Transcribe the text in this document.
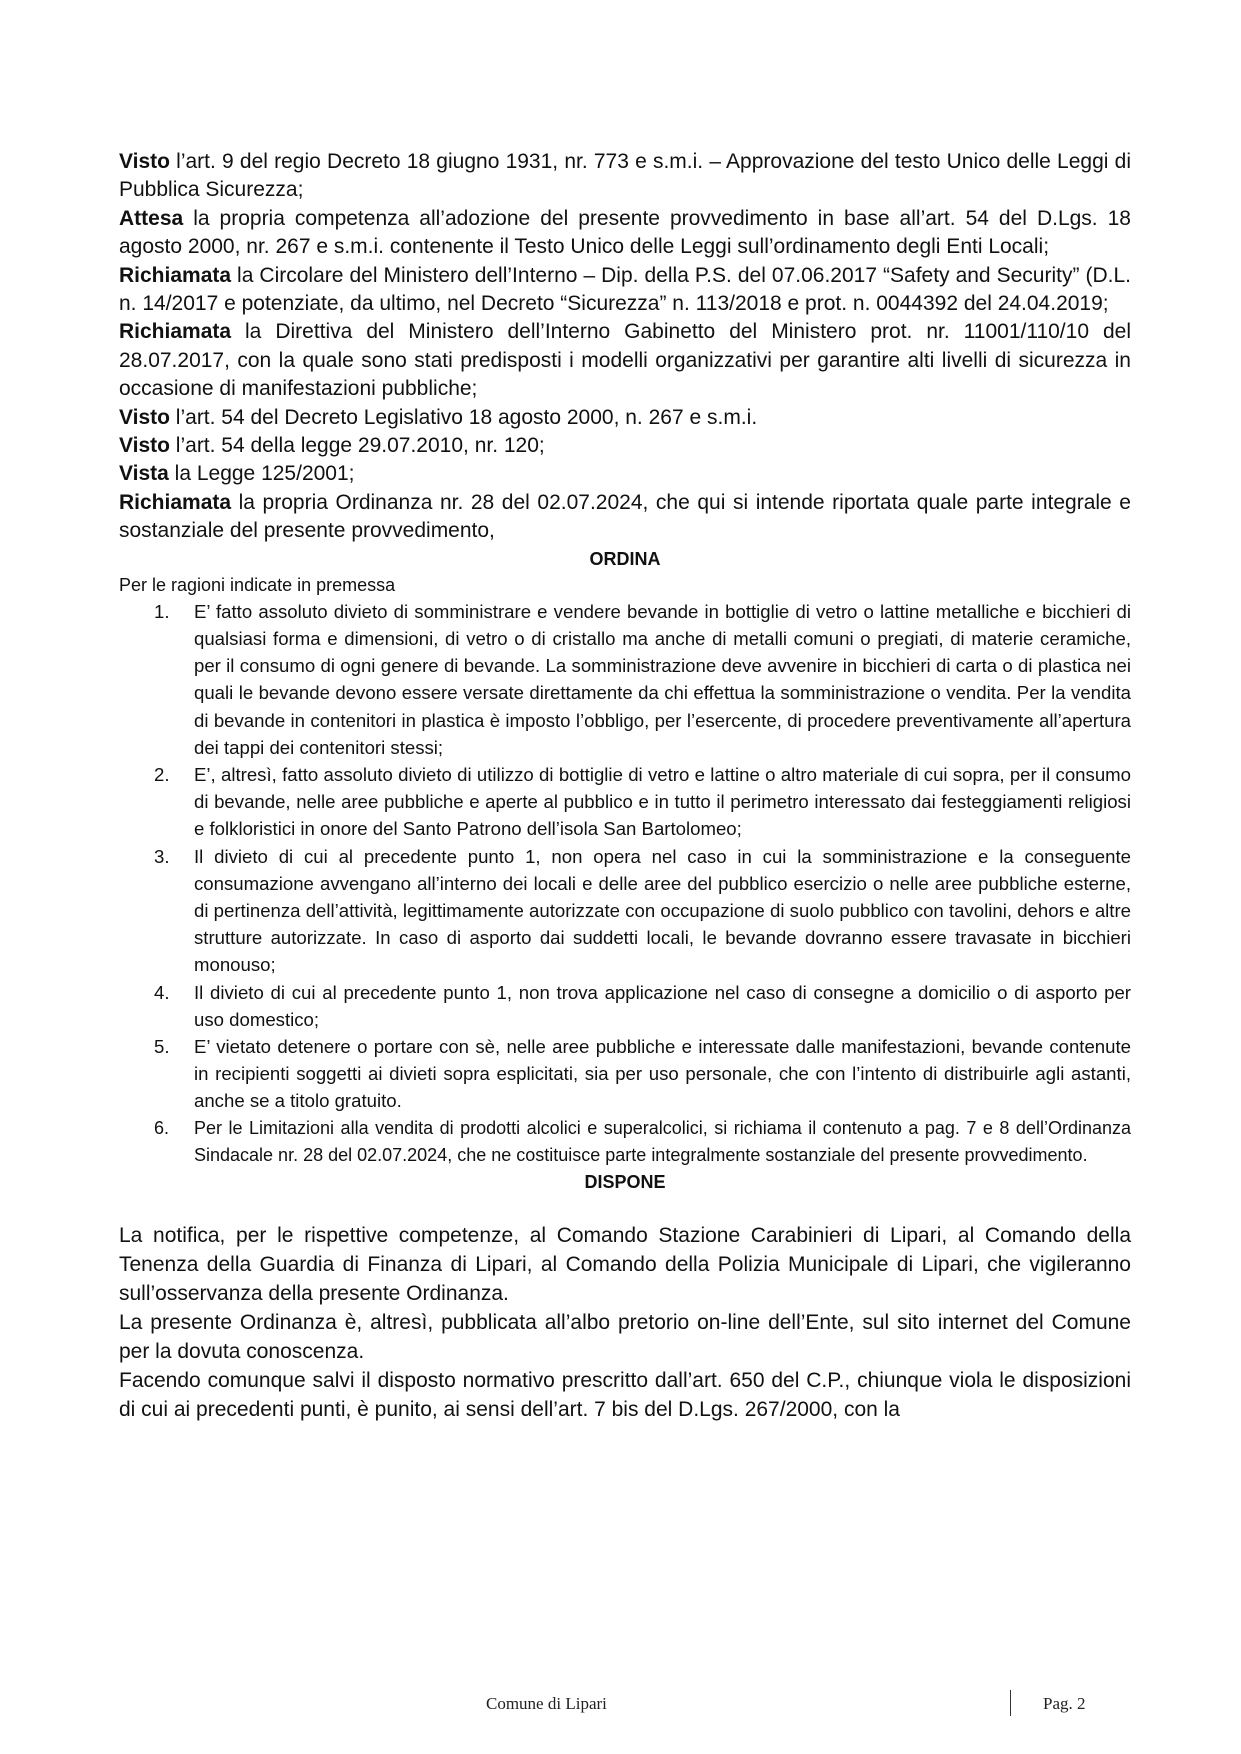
Visto l’art. 9 del regio Decreto 18 giugno 1931, nr. 773 e s.m.i. – Approvazione del testo Unico delle Leggi di Pubblica Sicurezza;

Attesa la propria competenza all’adozione del presente provvedimento in base all’art. 54 del D.Lgs. 18 agosto 2000, nr. 267 e s.m.i. contenente il Testo Unico delle Leggi sull’ordinamento degli Enti Locali;

Richiamata la Circolare del Ministero dell’Interno – Dip. della P.S. del 07.06.2017 “Safety and Security” (D.L. n. 14/2017 e potenziate, da ultimo, nel Decreto “Sicurezza” n. 113/2018 e prot. n. 0044392 del 24.04.2019;

Richiamata la Direttiva del Ministero dell’Interno Gabinetto del Ministero prot. nr. 11001/110/10 del 28.07.2017, con la quale sono stati predisposti i modelli organizzativi per garantire alti livelli di sicurezza in occasione di manifestazioni pubbliche;

Visto l’art. 54 del Decreto Legislativo 18 agosto 2000, n. 267 e s.m.i.

Visto l’art. 54 della legge 29.07.2010, nr. 120;

Vista la Legge 125/2001;

Richiamata la propria Ordinanza nr. 28 del 02.07.2024, che qui si intende riportata quale parte integrale e sostanziale del presente provvedimento,

ORDINA

Per le ragioni indicate in premessa

1. E’ fatto assoluto divieto di somministrare e vendere bevande in bottiglie di vetro o lattine metalliche e bicchieri di qualsiasi forma e dimensioni, di vetro o di cristallo ma anche di metalli comuni o pregiati, di materie ceramiche, per il consumo di ogni genere di bevande. La somministrazione deve avvenire in bicchieri di carta o di plastica nei quali le bevande devono essere versate direttamente da chi effettua la somministrazione o vendita. Per la vendita di bevande in contenitori in plastica è imposto l’obbligo, per l’esercente, di procedere preventivamente all’apertura dei tappi dei contenitori stessi;
2. E’, altresì, fatto assoluto divieto di utilizzo di bottiglie di vetro e lattine o altro materiale di cui sopra, per il consumo di bevande, nelle aree pubbliche e aperte al pubblico e in tutto il perimetro interessato dai festeggiamenti religiosi e folkloristici in onore del Santo Patrono dell’isola San Bartolomeo;
3. Il divieto di cui al precedente punto 1, non opera nel caso in cui la somministrazione e la conseguente consumazione avvengano all’interno dei locali e delle aree del pubblico esercizio o nelle aree pubbliche esterne, di pertinenza dell’attività, legittimamente autorizzate con occupazione di suolo pubblico con tavolini, dehors e altre strutture autorizzate. In caso di asporto dai suddetti locali, le bevande dovranno essere travasate in bicchieri monouso;
4. Il divieto di cui al precedente punto 1, non trova applicazione nel caso di consegne a domicilio o di asporto per uso domestico;
5. E’ vietato detenere o portare con sè, nelle aree pubbliche e interessate dalle manifestazioni, bevande contenute in recipienti soggetti ai divieti sopra esplicitati, sia per uso personale, che con l’intento di distribuirle agli astanti, anche se a titolo gratuito.
6. Per le Limitazioni alla vendita di prodotti alcolici e superalcolici, si richiama il contenuto a pag. 7 e 8 dell’Ordinanza Sindacale nr. 28 del 02.07.2024, che ne costituisce parte integralmente sostanziale del presente provvedimento.

DISPONE

La notifica, per le rispettive competenze, al Comando Stazione Carabinieri di Lipari, al Comando della Tenenza della Guardia di Finanza di Lipari, al Comando della Polizia Municipale di Lipari, che vigileranno sull’osservanza della presente Ordinanza.

La presente Ordinanza è, altresì, pubblicata all’albo pretorio on-line dell’Ente, sul sito internet del Comune per la dovuta conoscenza.

Facendo comunque salvi il disposto normativo prescritto dall’art. 650 del C.P., chiunque viola le disposizioni di cui ai precedenti punti, è punito, ai sensi dell’art. 7 bis del D.Lgs. 267/2000, con la

Comune di Lipari	Pag. 2
